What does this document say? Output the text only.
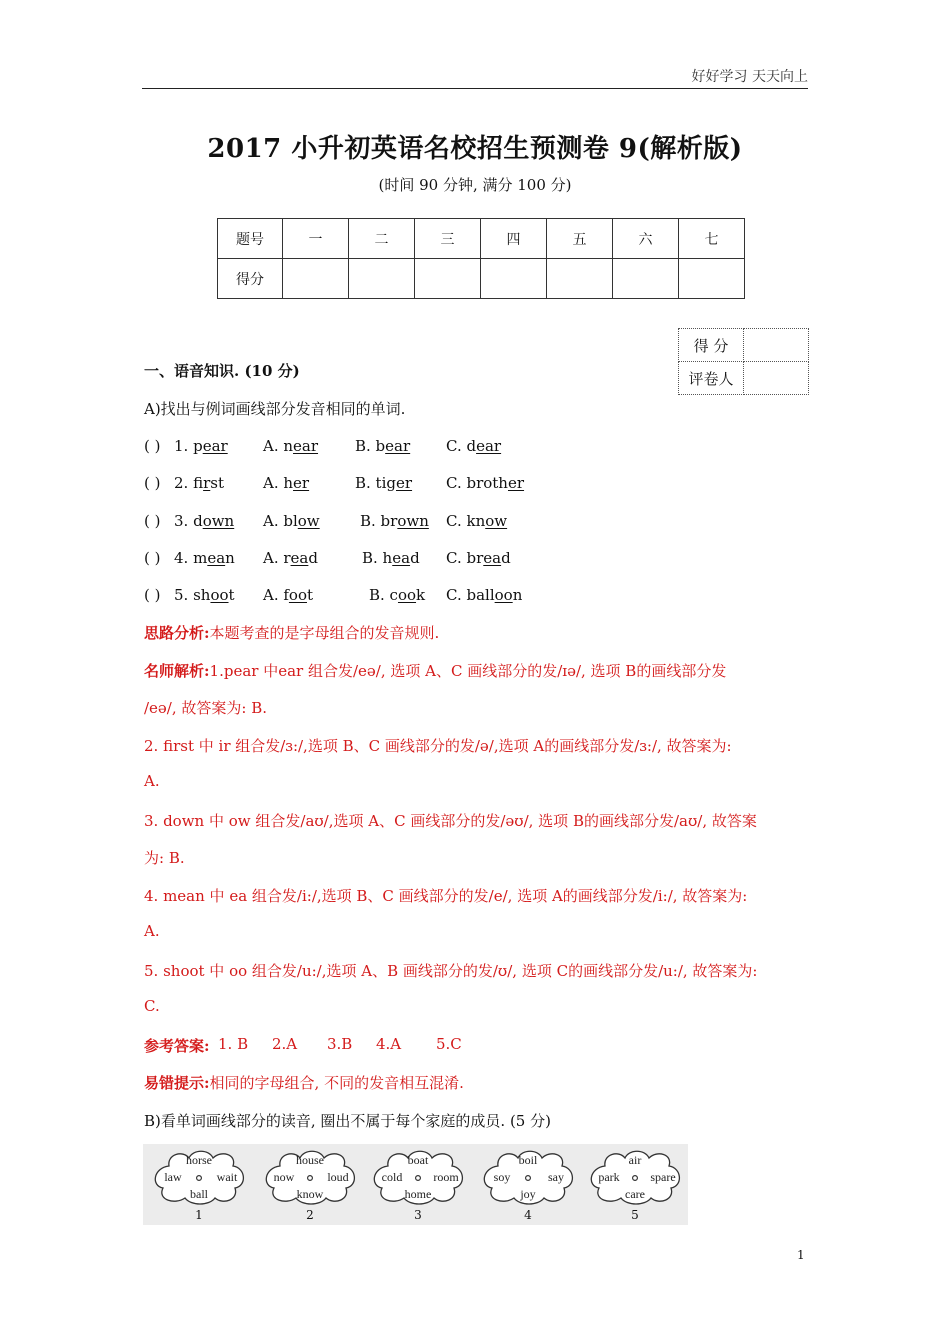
好好学习 天天向上
2017 小升初英语名校招生预测卷 9(解析版)
(时间 90 分钟, 满分 100 分)
题号	一	二	三	四	五	六	七
得分							
得 分	
评卷人	
一、语音知识. (10 分)
A)找出与例词画线部分发音相同的单词.
( ) 1. pear A. near B. bear C. dear
( ) 2. first	A. her	B. tiger C. brother
( ) 3. down A. blow	B. brown C. know
( ) 4. mean A. read	B. head C. bread
( ) 5. shoot A. foot	B. cook C. balloon
思路分析:本题考查的是字母组合的发音规则.
名师解析:1.pear 中ear 组合发/eə/, 选项 A、C 画线部分的发/ɪə/, 选项 B的画线部分发
/eə/, 故答案为: B.
2. first 中 ir 组合发/ɜ:/,选项 B、C 画线部分的发/ə/,选项 A的画线部分发/ɜ:/, 故答案为:
A.
3. down 中 ow 组合发/aʊ/,选项 A、C 画线部分的发/əʊ/, 选项 B的画线部分发/aʊ/, 故答案
为: B.
4. mean 中 ea 组合发/i:/,选项 B、C 画线部分的发/e/, 选项 A的画线部分发/i:/, 故答案为:
A.
5. shoot 中 oo 组合发/u:/,选项 A、B 画线部分的发/ʊ/, 选项 C的画线部分发/u:/, 故答案为:
C.
参考答案: 1. B 2.A 3.B 4.A 5.C
易错提示:相同的字母组合, 不同的发音相互混淆.
B)看单词画线部分的读音, 圈出不属于每个家庭的成员. (5 分)
horse
law	wait
ball
1
house
now	loud
know
2
boat
cold	room
home
3
boil
soy	say
joy
4
air
park	spare
care
5
1
